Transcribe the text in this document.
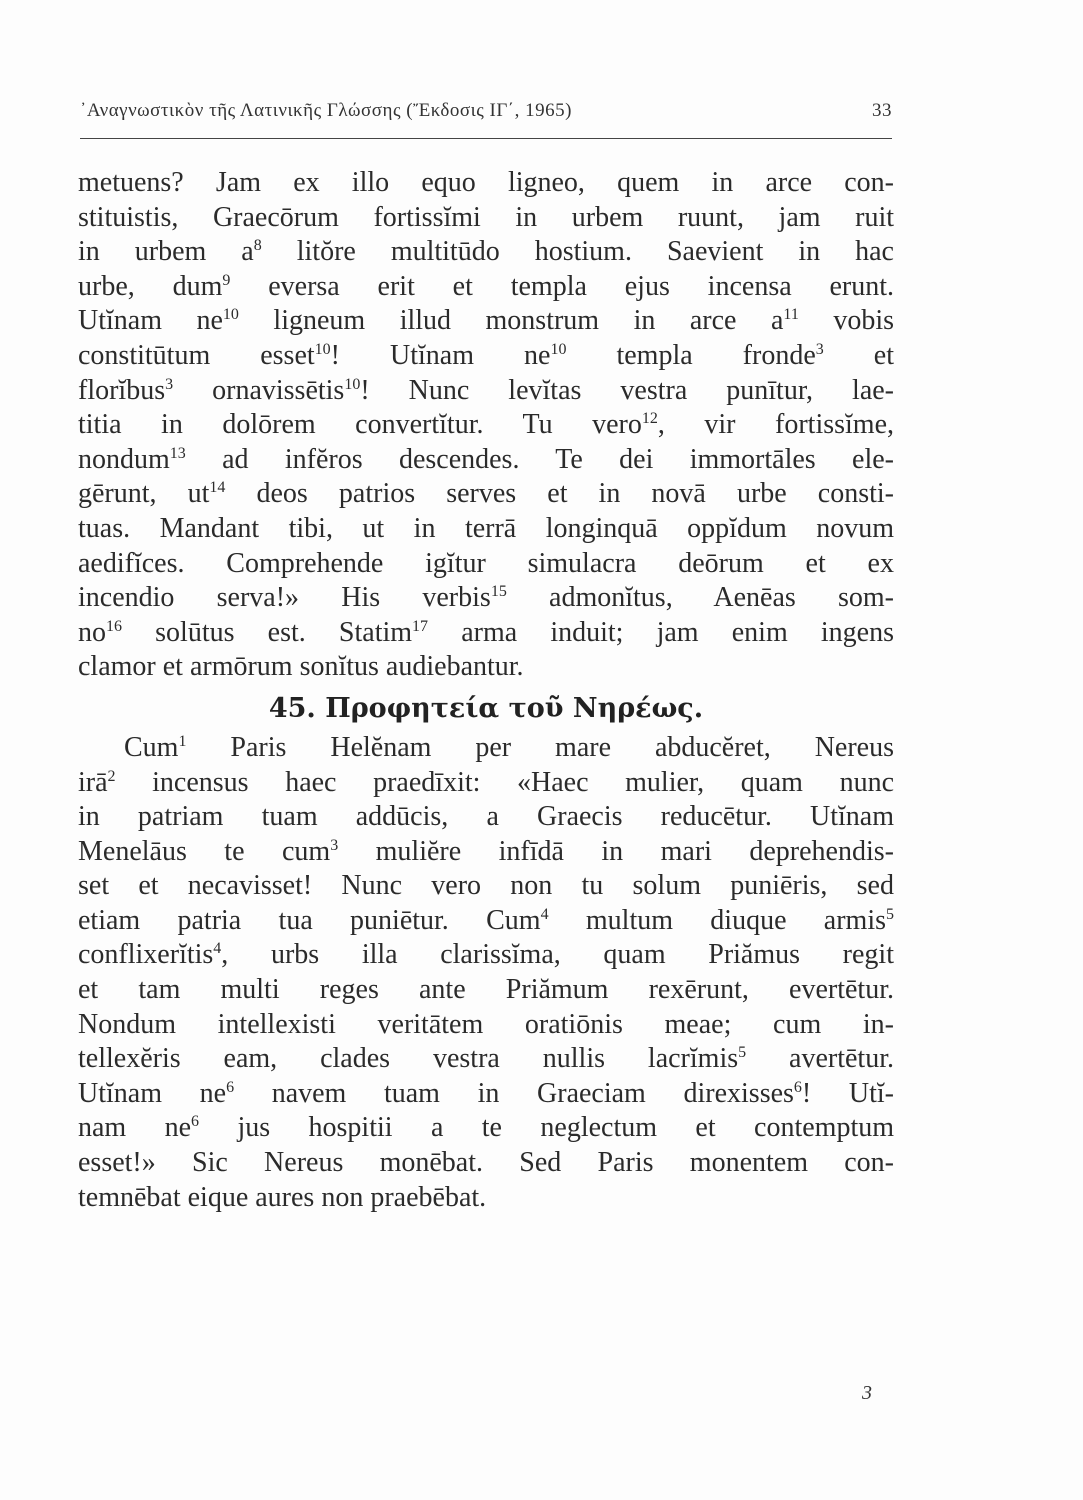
᾿Αναγνωστικὸν τῆς Λατινικῆς Γλώσσης (Ἔκδοσις ΙΓ΄, 1965)	33
metuens? Jam ex illo equo ligneo, quem in arce con-
stituistis, Graecōrum fortissĭmi in urbem ruunt, jam ruit
in urbem $a^8$ litŏre multitūdo hostium. Saevient in hac
urbe, dum$^9$ eversa erit et templa ejus incensa erunt.
Utĭnam $ne^{10}$ ligneum illud monstrum in arce $a^{11}$ vobis
constitūtum esset$^{10}$! Utĭnam $ne^{10}$ templa fronde$^3$ et
florĭbus$^3$ ornavissētis$^{10}$! Nunc levĭtas vestra punītur, lae-
titia in dolōrem convertĭtur. Tu vero$^{12}$, vir fortissĭme,
nondum$^{13}$ ad infĕros descendes. Te dei immortāles ele-
gērunt, $ut^{14}$ deos patrios serves et in novā urbe consti-
tuas. Mandant tibi, ut in terrā longinquā oppĭdum novum
aedifĭces. Comprehende igĭtur simulacra deōrum et ex
incendio serva!» His verbis$^{15}$ admonĭtus, Aenēas som-
$no^{16}$ solūtus est. Statim$^{17}$ arma induit; jam enim ingens
clamor et armōrum sonĭtus audiebantur.
45. Προφητεία τοῦ Νηρέως.
Cum$^1$ Paris Helĕnam per mare abducĕret, Nereus
irā$^2$ incensus haec praedīxit: «Haec mulier, quam nunc
in patriam tuam addūcis, a Graecis reducētur. Utĭnam
Menelāus te cum$^3$ muliĕre infīdā in mari deprehendis-
set et necavisset! Nunc vero non tu solum puniēris, sed
etiam patria tua puniētur. Cum$^4$ multum diuque armis$^5$
conflixerĭtis$^4$, urbs illa clarissĭma, quam Priămus regit
et tam multi reges ante Priămum rexērunt, evertētur.
Nondum intellexisti veritātem oratiōnis meae; cum in-
tellexĕris eam, clades vestra nullis lacrĭmis$^5$ avertētur.
Utĭnam $ne^6$ navem tuam in Graeciam direxisses$^6$! Utĭ-
nam $ne^6$ jus hospitii a te neglectum et contemptum
esset!» Sic Nereus monēbat. Sed Paris monentem con-
temnēbat eique aures non praebēbat.
3
